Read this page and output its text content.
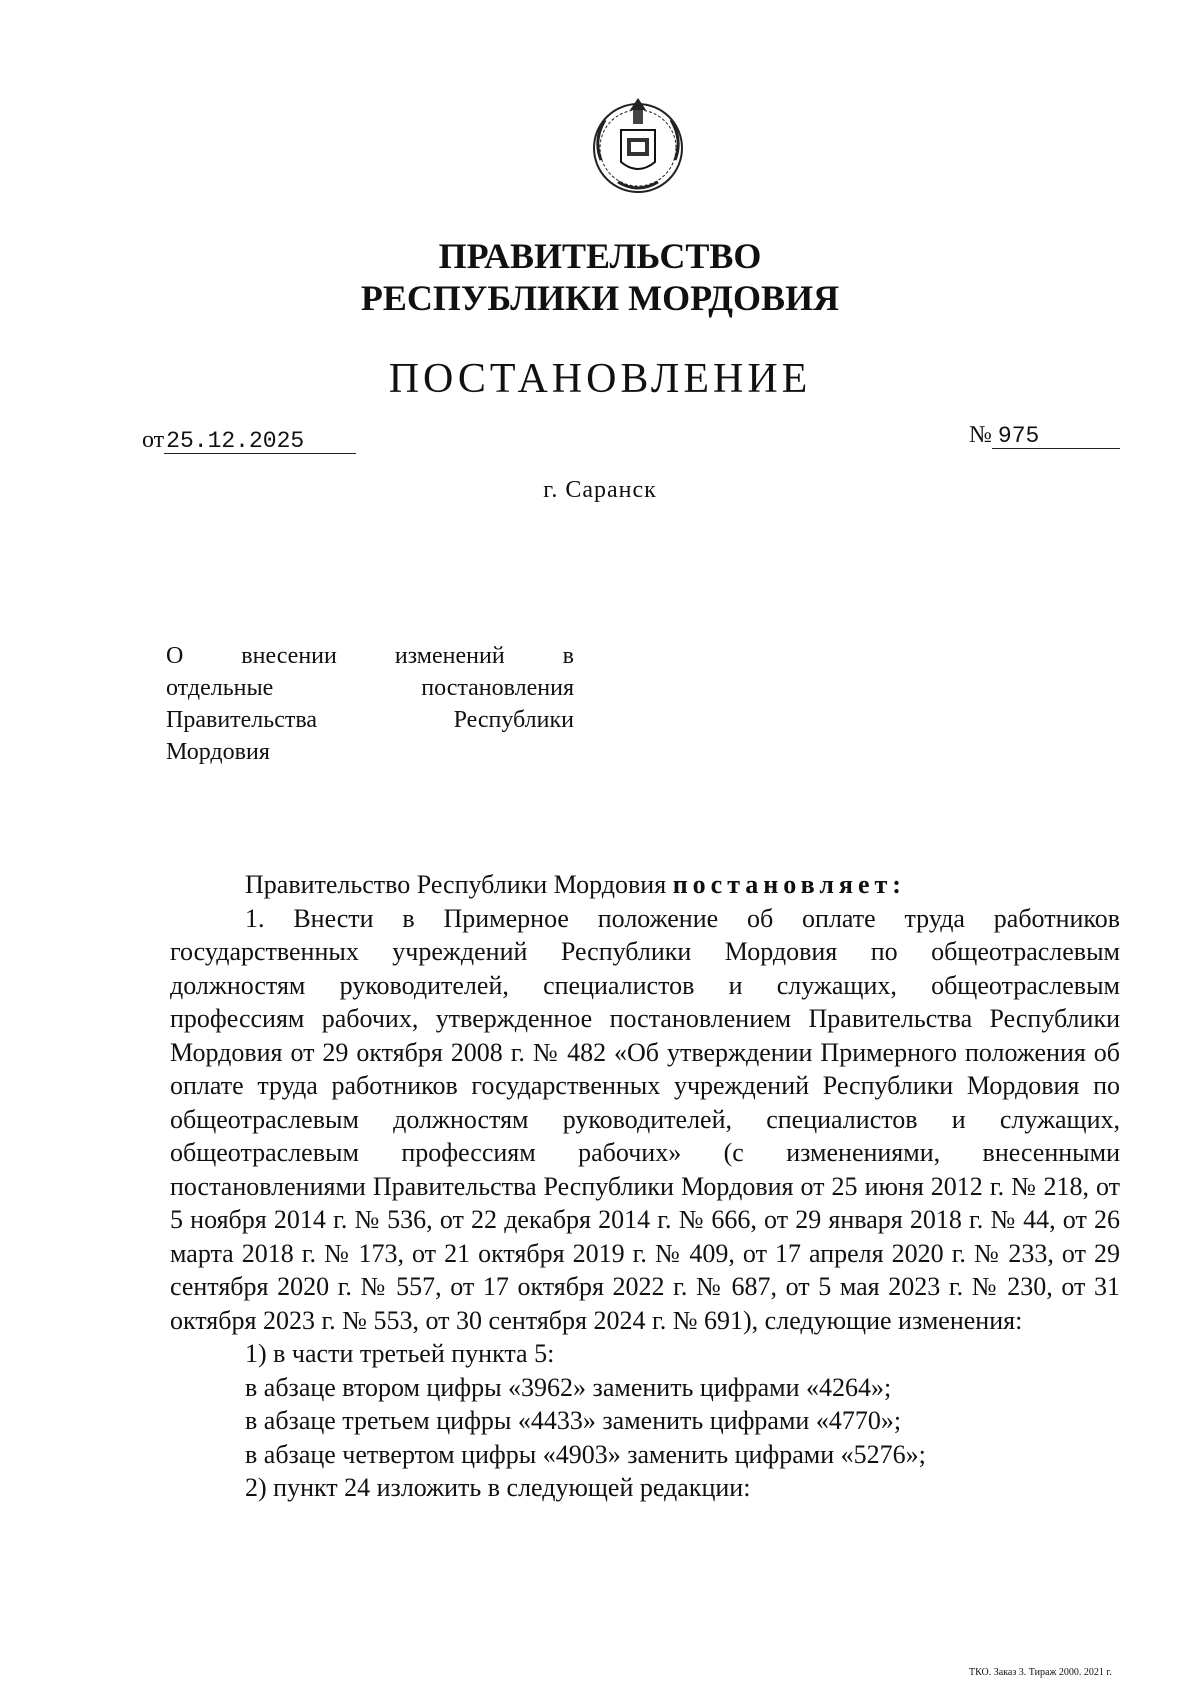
ПРАВИТЕЛЬСТВО
РЕСПУБЛИКИ МОРДОВИЯ
ПОСТАНОВЛЕНИЕ
от25.12.2025	№ 975
г. Саранск
О внесении изменений в
отдельные	постановления
Правительства	Республики
Мордовия

Правительство Республики Мордовия постановляет:

1. Внести в Примерное положение об оплате труда работников государственных учреждений Республики Мордовия по общеотраслевым должностям руководителей, специалистов и служащих, общеотраслевым профессиям рабочих, утвержденное постановлением Правительства Республики Мордовия от 29 октября 2008 г. № 482 «Об утверждении Примерного положения об оплате труда работников государственных учреждений Республики Мордовия по общеотраслевым должностям руководителей, специалистов и служащих, общеотраслевым профессиям рабочих» (с изменениями, внесенными постановлениями Правительства Республики Мордовия от 25 июня 2012 г. № 218, от 5 ноября 2014 г. № 536, от 22 декабря 2014 г. № 666, от 29 января 2018 г. № 44, от 26 марта 2018 г. № 173, от 21 октября 2019 г. № 409, от 17 апреля 2020 г. № 233, от 29 сентября 2020 г. № 557, от 17 октября 2022 г. № 687, от 5 мая 2023 г. № 230, от 31 октября 2023 г. № 553, от 30 сентября 2024 г. № 691), следующие изменения:

1) в части третьей пункта 5:

в абзаце втором цифры «3962» заменить цифрами «4264»;

в абзаце третьем цифры «4433» заменить цифрами «4770»;

в абзаце четвертом цифры «4903» заменить цифрами «5276»;

2) пункт 24 изложить в следующей редакции:

ТКО. Заказ 3. Тираж 2000. 2021 г.
